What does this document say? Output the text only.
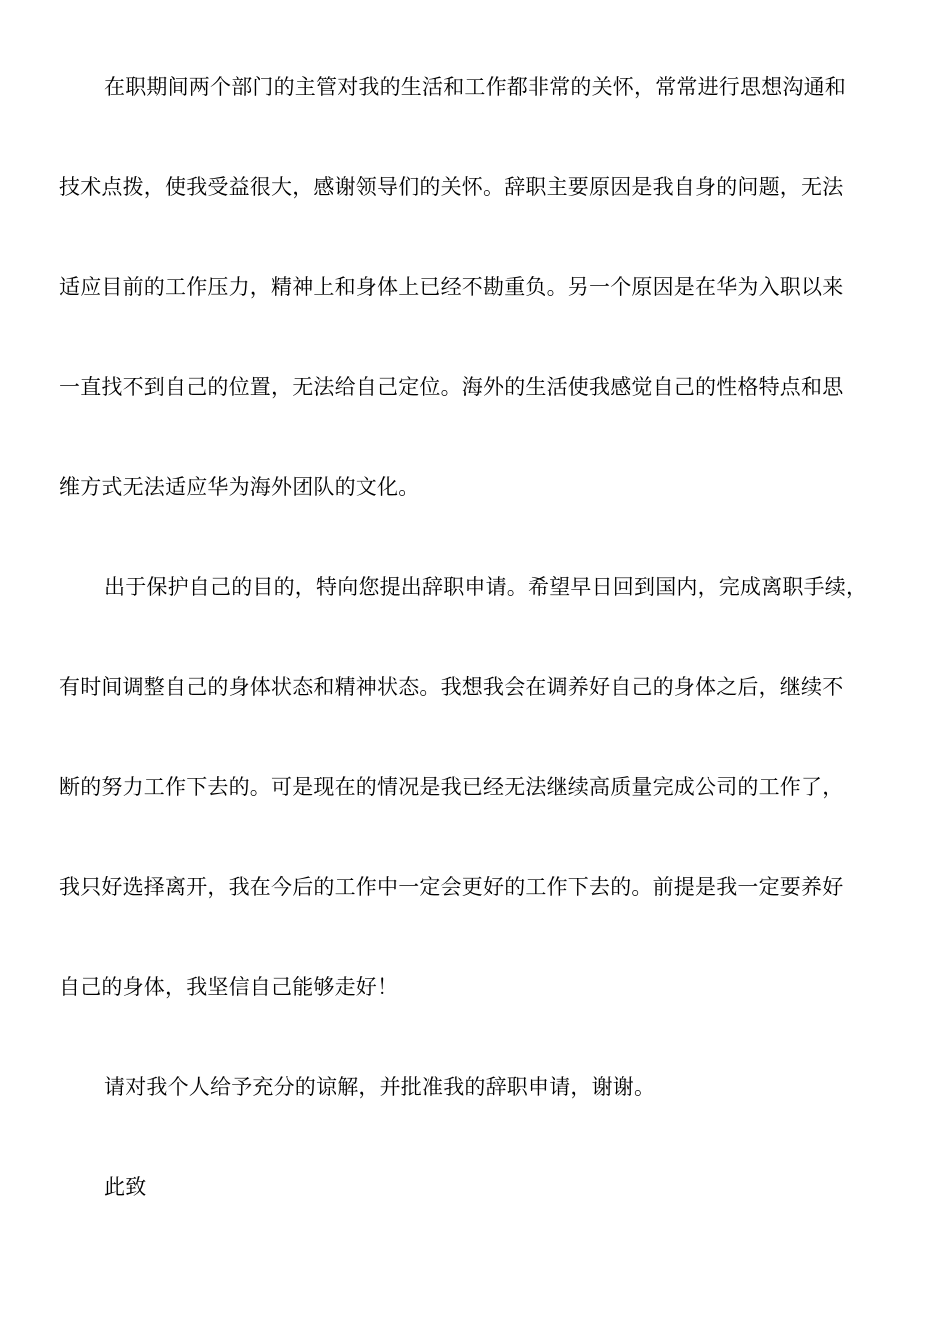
在职期间两个部门的主管对我的生活和工作都非常的关怀，常常进行思想沟通和
技术点拨，使我受益很大，感谢领导们的关怀。辞职主要原因是我自身的问题，无法
适应目前的工作压力，精神上和身体上已经不勘重负。另一个原因是在华为入职以来
一直找不到自己的位置，无法给自己定位。海外的生活使我感觉自己的性格特点和思
维方式无法适应华为海外团队的文化。
出于保护自己的目的，特向您提出辞职申请。希望早日回到国内，完成离职手续，
有时间调整自己的身体状态和精神状态。我想我会在调养好自己的身体之后，继续不
断的努力工作下去的。可是现在的情况是我已经无法继续高质量完成公司的工作了，
我只好选择离开，我在今后的工作中一定会更好的工作下去的。前提是我一定要养好
自己的身体，我坚信自己能够走好！
请对我个人给予充分的谅解，并批准我的辞职申请，谢谢。
此致
